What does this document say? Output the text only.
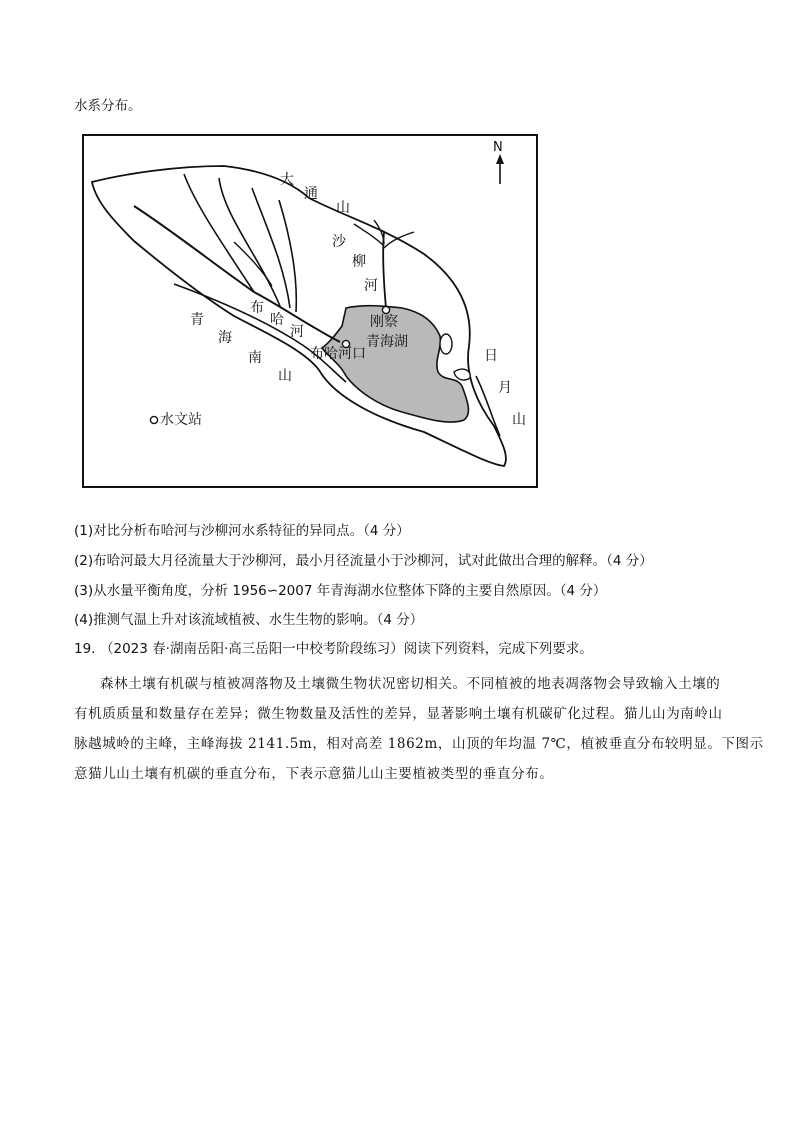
水系分布。
N
大
通
山
沙
柳
河
青
海
南
山
布
哈
河
刚察
布哈河口
青海湖
日
月
山
水文站
(1)对比分析布哈河与沙柳河水系特征的异同点。（4 分）
(2)布哈河最大月径流量大于沙柳河，最小月径流量小于沙柳河，试对此做出合理的解释。（4 分）
(3)从水量平衡角度，分析 1956∽2007 年青海湖水位整体下降的主要自然原因。（4 分）
(4)推测气温上升对该流域植被、水生生物的影响。（4 分）
19. （2023 春·湖南岳阳·高三岳阳一中校考阶段练习）阅读下列资料，完成下列要求。
森林土壤有机碳与植被凋落物及土壤微生物状况密切相关。不同植被的地表凋落物会导致输入土壤的
有机质质量和数量存在差异；微生物数量及活性的差异，显著影响土壤有机碳矿化过程。猫儿山为南岭山
脉越城岭的主峰，主峰海拔 2141.5m，相对高差 1862m，山顶的年均温 7℃，植被垂直分布较明显。下图示
意猫儿山土壤有机碳的垂直分布，下表示意猫儿山主要植被类型的垂直分布。
